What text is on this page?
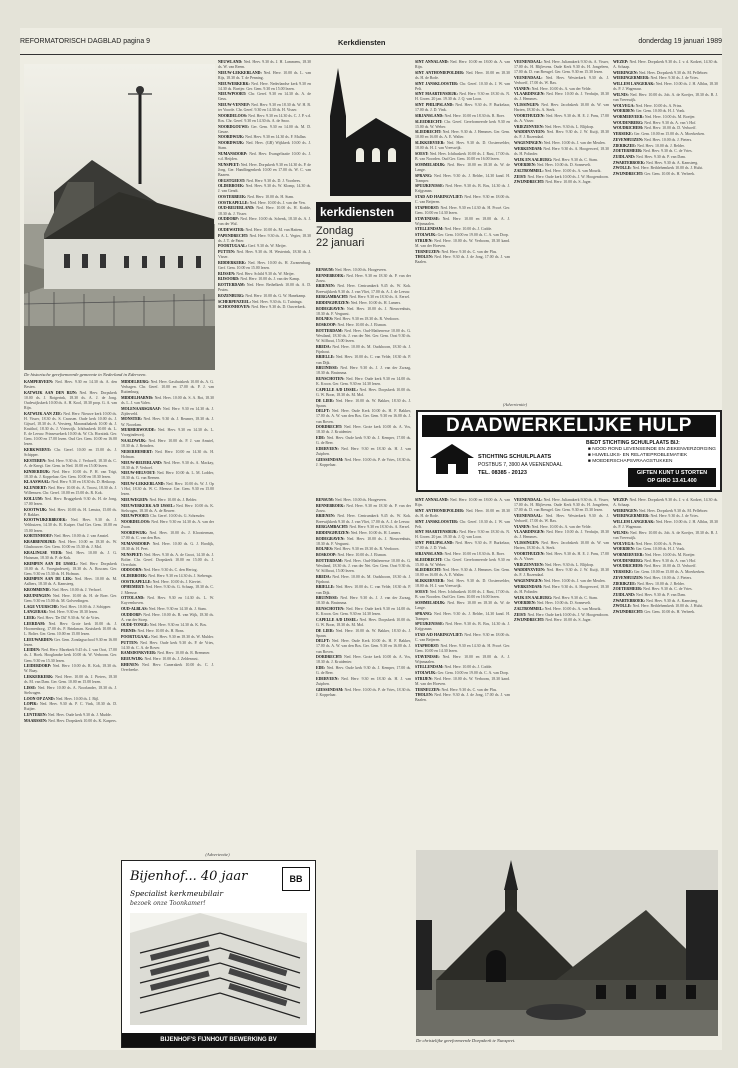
REFORMATORISCH DAGBLAD pagina 9	Kerkdiensten	donderdag 19 januari 1989
De historische gereformeerde gemeente in Nederland in Ederveen.
kerkdiensten
Zondag
22 januari

KAMPERVEEN: Ned. Herv. 9.30 en 14.30 ds. A. den Besten.

KATWIJK AAN DEN RIJN: Ned. Herv. Dorpskerk 10.00 ds. J. Rotgerink, 18.30 ds. A. J. de Jong. Oudewijkskerk 10.00 ds. A. H. Kool, 18.30 prop. G. A. van Rijn.

KATWIJK AAN ZEE: Ned. Herv. Nieuwe kerk 10.00 ds. H. Visser, 18.30 ds. S. Cnossen. Oude kerk 10.00 ds. J. Gijssel, 18.30 ds. A. Versteeg. Maranathakerk 10.00 ds. J. Kruithof, 18.30 ds. J. Vrieswijk. Ichthuskerk 10.00 ds. L. E. de Leeuw. Prinsessekerk 10.00 ds. W. Ch. Horstink. Ger. Gem. 10.00 en 17.00 lezen. Oud Ger. Gem. 10.00 en 16.00 lezen.

KERKWERVE: Chr. Geref. 10.00 en 15.00 ds. J. Schipper.

KESTEREN: Ned. Herv. 9.30 ds. J. Verhoeff, 18.30 ds. C. A. de Knegt. Ger. Gem. in Ned. 10.00 en 15.00 lezen.

KINDERDIJK: Ned. Herv. 10.00 ds. P. H. van Trigt, 18.30 ds. J. Koppelaar. Ger. Gem. 10.00 en 18.30 lezen.

KLAASWAAL: Ned. Herv. 9.30 en 18.30 ds. D. Heikoop.

KLUNDERT: Ned. Herv. 10.00 ds. A. Troost, 18.30 ds. J. Willemsen. Chr. Geref. 10.00 en 15.00 ds. R. Kok.

KOLLUM: Ned. Herv. Bruggekerk 9.30 ds. H. de Jong, 17.00 lezen.

KOOTWIJK: Ned. Herv. 10.00 ds. H. Lenstra, 15.00 ds. P. Bakker.

KOOTWIJKERBROEK: Ned. Herv. 9.30 ds. J. Velthuizen, 14.30 ds. R. Kuiper. Oud Ger. Gem. 10.00 en 15.00 lezen.

KORTENHOEF: Ned. Herv. 10.00 ds. J. van Amstel.

KRABBENDIJKE: Ned. Herv. 10.00 en 18.30 ds. W. Glashouwer. Ger. Gem. 10.00 en 15.30 ds. J. Mol.

KRALINGSE VEER: Ned. Herv. 10.00 ds. J. G. Huisman, 18.30 ds. P. de Kok.

KRIMPEN AAN DE IJSSEL: Ned. Herv. Dorpskerk 10.00 ds. A. Vroegindeweij, 18.30 ds. A. Roscam. Ger. Gem. 9.30 en 15.30 ds. H. Hofman.

KRIMPEN AAN DE LEK: Ned. Herv. 10.00 ds. M. Aalbers, 18.30 ds. A. Kamsteeg.

KROMMENIE: Ned. Herv. 10.00 ds. J. Verhoef.

KRUININGEN: Ned. Herv. 10.00 ds. H. de Boer. Ger. Gem. 9.30 en 15.00 ds. M. Golverdingen.

LAGE VUURSCHE: Ned. Herv. 10.00 ds. J. Schipper.

LANGERAK: Ned. Herv. 9.30 en 18.30 lezen.

LEEK: Ned. Herv. 'De Dil' 9.30 ds. W. de Vries.

LEERDAM: Ned. Herv. Grote kerk 10.00 ds. J. Hoornenborg, 17.00 ds. P. Brinkman. Kruiskerk 10.00 ds. L. Bolier. Ger. Gem. 10.00 en 15.00 lezen.

LEEUWARDEN: Ger. Gem. Zondagsschool 9.30 en 16.00 lezen.

LEIDEN: Ned. Herv. Marekerk 9.45 ds. J. van Oort, 17.00 ds. J. Hoek. Hooglandse kerk 10.00 ds. W. Verboom. Ger. Gem. 9.30 en 15.30 lezen.

LEIDERDORP: Ned. Herv. 10.00 ds. R. Kok, 18.30 ds. W. Baay.

LEKKERKERK: Ned. Herv. 10.00 ds. J. Pieters, 18.30 ds. M. van Dam. Ger. Gem. 10.00 en 15.00 lezen.

LISSE: Ned. Herv. 10.00 ds. A. Noorlander, 18.30 ds. J. Stelwagen.

LOON OP ZAND: Ned. Herv. 10.00 ds. J. Bijl.

LOPIK: Ned. Herv. 9.30 ds. P. C. Vink, 18.30 ds. D. Ruijter.

LUNTEREN: Ned. Herv. Oude kerk 9.30 ds. J. Mudde.

MAARSSEN: Ned. Herv. Dorpskerk 10.00 ds. K. Kaspers.

MIDDELBURG: Ned. Herv. Gasthuiskerk 10.00 ds. A. G. Verhagen. Chr. Geref. 10.00 en 17.00 ds. P. J. van Ruitenburg.

MIDDELHARNIS: Ned. Herv. 10.00 ds. S. A. Bot, 18.30 ds. L. J. van Valen.

MOLENAARSGRAAF: Ned. Herv. 9.30 en 14.30 ds. J. Zijderveld.

MONSTER: Ned. Herv. 9.30 ds. J. Beumer, 18.30 ds. J. W. Noordam.

MURMERWOUDE: Ned. Herv. 9.30 en 14.30 ds. L. Vroegindeweij.

NAALDWIJK: Ned. Herv. 10.00 ds. P. J. van Amstel, 18.30 ds. J. Reinders.

NEDERHEMERT: Ned. Herv. 10.00 en 14.30 ds. H. Hofman.

NIEUW-BEIJERLAND: Ned. Herv. 9.30 ds. A. Mackay, 18.30 ds. P. Verhoef.

NIEUW-HELVOET: Ned. Herv. 10.00 ds. L. M. Lodder, 18.30 ds. G. van Reenen.

NIEUW-LEKKERLAND: Ned. Herv. 10.00 ds. W. J. Op 't Hof, 18.30 ds. W. C. Meeuse. Ger. Gem. 9.30 en 15.00 lezen.

NIEUWEGEIN: Ned. Herv. 10.00 ds. J. Belder.

NIEUWERKERK A/D IJSSEL: Ned. Herv. 10.00 ds. K. Stelwagen, 18.30 ds. A. de Reuver.

NIEUWPOORT: Chr. Geref. 10.00 ds. G. Schreuder.

NOORDELOOS: Ned. Herv. 9.30 en 14.30 ds. A. van der Zwan.

NOORDWIJK: Ned. Herv. 10.00 ds. J. Kloosterman, 17.00 ds. C. van den Bos.

NUMANSDORP: Ned. Herv. 10.00 ds. G. J. Hordijk, 18.30 ds. H. Peet.

NUNSPEET: Ned. Herv. 9.30 ds. A. de Groot, 14.30 ds. J. Bolier. Chr. Geref. Dorpskerk 10.00 en 15.00 ds. J. Overduin.

ODDOORN: Ned. Herv. 9.30 ds. C. den Hertog.

OLDEBROEK: Ned. Herv. 9.30 en 14.30 ds. J. Siebenga.

OOSTKAPELLE: Ned. Herv. 10.00 ds. J. Kieviet.

OPHEMERT: Ned. Herv. 9.30 ds. G. Schaap, 18.30 ds. C. J. Meeuse.

OTTOLAND: Ned. Herv. 9.30 en 14.30 ds. L. W. Kuyvenhoven.

OUD-ALBLAS: Ned. Herv. 9.30 en 14.30 ds. J. Stam.

OUDDORP: Ned. Herv. 10.00 ds. B. van Wijk, 18.30 ds. A. van der Stoep.

OUDE-TONGE: Ned. Herv. 9.30 en 14.30 ds. K. Bos.

PERNIS: Ned. Herv. 10.00 ds. H. Bons.

POORTUGAAL: Ned. Herv. 9.30 en 18.30 ds. W. Mulder.

PUTTEN: Ned. Herv. Oude kerk 9.30 ds. P. de Vries, 14.30 ds. C. A. de Rover.

RAMSDONKVEER: Ned. Herv. 10.00 ds. R. Bremmer.

REEUWIJK: Ned. Herv. 10.00 ds. J. Zeldenrust.

RHENEN: Ned. Herv. Cunerakerk 10.00 ds. C. J. Overbeeke.

NEUWLAND: Ned. Herv. 9.30 ds. J. H. Lammens, 18.30 ds. W. van Reem.

NIEUW-LEKKERLAND: Ned. Herv. 10.00 ds. L. van Rijs, 18.30 ds. T. de Penning.

NIEUWERKERK: Ned. Herv. Nederlandse kerk 9.30 en 14.30 ds. Boeijer. Ger. Gem. 9.30 en 15.00 lezen.

NIEUWPOORT: Chr. Geref. 9.30 en 14.30 ds. A. de Geus.

NIEUW-VENNEP: Ned. Herv. 9.30 en 18.30 ds. W. H. B. ter Voorde. Chr. Geref. 9.30 en 14.30 ds. H. Visser.

NOORDELOOS: Ned. Herv. 9.30 en 14.30 ds. C. J. P. v.d. Ros. Chr. Geref. 9.30 en 14.30 ds. A. de Snoo.

NOORDGOUWE: Ger. Gem. 9.30 en 14.00 ds. M. D. Geuze.

NOORDWIJK: Ned. Herv. 9.30 en 14.30 ds. F. Mallan.

NOORDWIJK: Ned. Herv. (GB) Wijkkerk 10.00 ds. J. Stam.

NUMANSDORP: Ned. Herv. Evangelisatie 10.00 ds. J. v.d. Heijden.

NUNSPEET: Ned. Herv. Dorpskerk 9.30 en 14.30 ds. P. de Jong. Ger. Handlingenkerk 10.00 en 17.00 ds. W. C. van Baaren.

OEGSTGEEST: Ned. Herv. 9.30 ds. D. J. Voorhees.

OLDEBROEK: Ned. Herv. 9.30 ds. W. Klomp, 14.30 ds. J. van Gendt.

OOSTERBEEK: Ned. Herv. 10.00 ds. H. Stam.

OOSTKAPELLE: Ned. Herv. 10.00 ds. J. van der Ven.

OUD-BEIJERLAND: Ned. Herv. 10.00 ds. H. Kodde, 18.30 ds. J. Visser.

OUDDORP: Ned. Herv. 10.00 ds. Schenk, 18.30 ds. A. J. van der Wal.

OUDEWATER: Ned. Herv. 10.00 ds. M. van Hattem.

PAPENDRECHT: Ned. Herv. 9.30 ds. A. L. Vegter, 18.30 ds. J. T. de Pater.

POORTUGAAL: Gerf. 9.30 ds. W. Meijer.

PUTTEN: Ned. Herv. 9.30 ds. H. Westerink, 18.30 ds. J. Visser.

RIDDERKERK: Ned. Herv. 10.00 ds. H. Zwanenburg. Gerf. Gem. 10.00 en 15.00 lezen.

RIJSSEN: Ned. Herv. Schild 9.30 ds. W. Meijer.

RIJSOORD: Ned. Herv. 10.00 ds. J. van der Kamp.

ROTTERDAM: Ned. Herv. Bethelkerk 10.00 ds. A. D. Pruim.

ROZENBURG: Ned. Herv. 10.00 ds. G. W. Hanekamp.

SCHERPENZEEL: Ned. Herv. 9.30 ds. G. Tuininga.

SCHOONHOVEN: Ned. Herv. 9.30 ds. D. Ouwerkerk.

BENSUM: Ned. Herv. 10.00 ds. Hoogeveen.

BENNEBROEK: Ned. Herv. 9.30 en 18.30 ds. P. van der Zouw.

BRIENEN: Ned. Herv. Centrumkerk 9.45 ds. W. Kok. Breewijkkerk 9.30 ds. J. van Vliet, 17.00 ds. A. J. de Leeuw.

BERGAMBACHT: Ned. Herv. 9.30 en 18.30 ds. A. Eersel.

BIDDINGHUIZEN: Ned. Herv. 10.00 ds. H. Lamers.

BODEGRAVEN: Ned. Herv. 10.00 ds. J. Nieuwenhuis, 18.30 ds. F. Vergunst.

BOLNES: Ned. Herv. 9.30 en 18.30 ds. R. Verdoorn.

BOSKOOP: Ned. Herv. 10.00 ds. J. Elsman.

BOTTERDAM: Ned. Herv. Oud-Mathenesse 10.00 ds. G. Westland, 18.30 ds. J. van der Net. Ger. Gem. Oost 9.30 ds. W. Silfhout, 15.00 lezen.

BREDA: Ned. Herv. 10.00 ds. M. Oudshoorn, 18.30 ds. J. Fijnhout.

BRIELLE: Ned. Herv. 10.00 ds. C. van Velde, 18.30 ds. P. van Dijk.

BRUINISSE: Ned. Herv. 9.30 ds. J. J. van der Zwaag, 18.30 ds. Bruinsma.

BUNSCHOTEN: Ned. Herv. Oude kerk 9.30 en 14.00 ds. K. Kroon. Ger. Gem. 9.30 en 14.30 lezen.

CAPELLE A/D IJSSEL: Ned. Herv. Dorpskerk 10.00 ds. G. W. Boon, 18.30 ds. M. Mol.

DE LIER: Ned. Herv. 10.00 ds. W. Bakker, 18.30 ds. J. Spaan.

DELFT: Ned. Herv. Oude Kerk 10.00 ds. H. F. Bakker, 17.00 ds. A. W. van den Bos. Ger. Gem. 9.30 en 16.00 ds. J. van Boven.

DORDRECHT: Ned. Herv. Grote kerk 10.00 ds. A. Vos, 18.30 ds. J. Kruidenier.

EDE: Ned. Herv. Oude kerk 9.30 ds. J. Kemper, 17.00 ds. G. de Beer.

EDERVEEN: Ned. Herv. 9.30 en 18.30 ds. H. J. van Zutphen.

GIESSENDAM: Ned. Herv. 10.00 ds. P. de Vries, 18.30 ds. J. Koppelaar.

SINT ANNALAND: Ned. Herv. 10.00 en 18.00 ds. A. van Rijn.

SINT ANTHONIEPOLDER: Ned. Herv. 10.00 en 18.30 ds. H. de Bode.

SINT JANSKLOOSTER: Chr. Geref. 10.30 ds. J. W. van Pelt.

SINT MAARTENSDIJK: Ned. Herv. 9.30 en 18.30 ds. N. H. Groen. 20 jan. 19.30 ds. J. Q. van Loon.

SINT PHILIPSLAND: Ned. Herv. 9.30 ds. P. Burkelaar, 17.00 ds. J. D. Vink.

SIRJANSLAND: Ned. Herv. 10.00 en 18.30 ds. R. Boer.

SLEEDRECHT: Chr. Geref. Gereformeerde kerk 9.30 en 15.00 ds. W. Weber.

SLIEDRECHT: Ned. Herv. 9.30 ds. J. Hemmes. Ger. Gem. 10.00 en 16.00 ds. A. E. Walter.

SLIKKERVEER: Ned. Herv. 9.30 ds. D. Oostenvelder, 18.00 ds. H. J. van Vreeswijk.

SOEST: Ned. Herv. Ichthuskerk 10.00 ds. J. Rust, 17.00 ds. B. van Noorden. Oud Ger. Gem. 10.00 en 16.00 lezen.

SOMMELSDIJK: Ned. Herv. 10.00 en 18.30 ds. W. de Lange.

SPRANG: Ned. Herv. 9.30 ds. J. Belder, 14.30 kand. H. Tramper.

SPUIJKENISSE: Ned. Herv. 9.30 ds. B. Bos, 14.30 ds. J. Krijgsman.

STAD A/D HARINGVLIET: Ned. Herv. 9.30 en 18.00 ds. C. van Beijeren.

STAPHORST: Ned. Herv. 9.30 en 14.30 ds. H. Procé. Ger. Gem. 10.00 en 14.30 lezen.

STAVENISSE: Ned. Herv. 10.00 en 18.00 ds. A. J. Wijnmaalen.

STELLENDAM: Ned. Herv. 10.00 ds. J. Codde.

STOLWIJK: Ger. Gem. 10.00 en 19.00 ds. C. A. van Dorp.

STRIJEN: Ned. Herv. 10.00 ds. W. Verboom, 18.30 kand. M. van der Hoeven.

TERNEUZEN: Ned. Herv. 9.30 ds. C. van der Plas.

THOLEN: Ned. Herv. 9.30 ds. J. de Jong, 17.00 ds. J. van Baalen.

VEENENDAAL: Ned. Herv. Julianakerk 9.30 ds. A. Visser, 17.00 ds. H. Blijlevens. Oude Kerk 9.30 ds. H. Jongeleen, 17.00 ds. D. van Breugel. Ger. Gem. 9.30 en 15.30 lezen.

VEENENDAAL: Ned. Herv. Westerkerk 9.30 ds. J. Verhoeff, 17.00 ds. W. Bax.

VIANEN: Ned. Herv. 10.00 ds. A. van der Velde.

VLAARDINGEN: Ned. Herv. 10.00 ds. J. Verduijn, 18.30 ds. J. Hemmes.

VLISSINGEN: Ned. Herv. Jacobskerk 10.00 ds. W. van Harten, 18.30 ds. A. Sterk.

VOORTHUIZEN: Ned. Herv. 9.30 ds. H. E. J. Pons, 17.00 ds. A. Visser.

VRIEZENVEEN: Ned. Herv. 9.30 ds. L. Blijdorp.

WADDINXVEEN: Ned. Herv. 9.30 ds. J. W. Kuijt, 18.30 ds. F. J. Rozendaal.

WAGENINGEN: Ned. Herv. 10.00 ds. J. van der Meulen.

WERKENDAM: Ned. Herv. 9.30 ds. A. Hoogerwerf, 18.30 ds. H. Polinder.

WIJK EN AALBURG: Ned. Herv. 9.30 ds. C. Stam.

WOERDEN: Ned. Herv. 10.00 ds. D. Sonnevelt.

ZALTBOMMEL: Ned. Herv. 10.00 ds. A. van Mourik.

ZEIST: Ned. Herv. Oude kerk 10.00 ds. J. W. Hoogendoorn.

ZWIJNDRECHT: Ned. Herv. 10.00 ds. S. Jager.

WEZEP: Ned. Herv. Dorpskerk 9.30 ds. J. v. d. Kodzet, 14.30 ds. A. Schaap.

WIERINGEN: Ned. Herv. Dorpskerk 9.30 ds. M. Pelleboer.

WIERINGERMEER: Ned. Herv. 9.30 ds. J. de Vries.

WILLEM LANGERAK: Ned. Herv. 10.00 ds. J. H. Alblas, 18.30 ds. P. J. Wagenaar.

WILNIS: Ned. Herv. 10.00 ds. Joh. A. de Koeijer, 18.30 ds. B. J. van Vreeswijk.

WOLVEGA: Ned. Herv. 10.00 ds. A. Prins.

WOERDEN: Ger. Gem. 10.00 ds. H. J. Vonk.

WORMERVEER: Ned. Herv. 10.00 ds. M. Boeijer.

WOUDENBERG: Ned. Herv. 9.30 ds. A. van 't Hof.

WOUDRICHEM: Ned. Herv. 10.00 ds. D. Verhoeff.

YERSEKE: Ger. Gem. 10.00 en 15.00 ds. A. Moerkerken.

ZEVENHUIZEN: Ned. Herv. 10.00 ds. J. Pieters.

ZIERIKZEE: Ned. Herv. 10.00 ds. J. Belder.

ZOETERMEER: Ned. Herv. 9.30 ds. C. de Vries.

ZUIDLAND: Ned. Herv. 9.30 ds. P. van Dam.

ZWARTEBROEK: Ned. Herv. 9.30 ds. A. Kamsteeg.

ZWOLLE: Ned. Herv. Bethlehemkerk 10.00 ds. J. Hulst.

ZWIJNDRECHT: Ger. Gem. 10.00 ds. H. Verbeek.

BENSUM: Ned. Herv. 10.00 ds. Hoogeveen.

BENNEBROEK: Ned. Herv. 9.30 en 18.30 ds. P. van der Zouw.

BRIENEN: Ned. Herv. Centrumkerk 9.45 ds. W. Kok. Breewijkkerk 9.30 ds. J. van Vliet, 17.00 ds. A. J. de Leeuw.

BERGAMBACHT: Ned. Herv. 9.30 en 18.30 ds. A. Eersel.

BIDDINGHUIZEN: Ned. Herv. 10.00 ds. H. Lamers.

BODEGRAVEN: Ned. Herv. 10.00 ds. J. Nieuwenhuis, 18.30 ds. F. Vergunst.

BOLNES: Ned. Herv. 9.30 en 18.30 ds. R. Verdoorn.

BOSKOOP: Ned. Herv. 10.00 ds. J. Elsman.

BOTTERDAM: Ned. Herv. Oud-Mathenesse 10.00 ds. G. Westland, 18.30 ds. J. van der Net. Ger. Gem. Oost 9.30 ds. W. Silfhout, 15.00 lezen.

BREDA: Ned. Herv. 10.00 ds. M. Oudshoorn, 18.30 ds. J. Fijnhout.

BRIELLE: Ned. Herv. 10.00 ds. C. van Velde, 18.30 ds. P. van Dijk.

BRUINISSE: Ned. Herv. 9.30 ds. J. J. van der Zwaag, 18.30 ds. Bruinsma.

BUNSCHOTEN: Ned. Herv. Oude kerk 9.30 en 14.00 ds. K. Kroon. Ger. Gem. 9.30 en 14.30 lezen.

CAPELLE A/D IJSSEL: Ned. Herv. Dorpskerk 10.00 ds. G. W. Boon, 18.30 ds. M. Mol.

DE LIER: Ned. Herv. 10.00 ds. W. Bakker, 18.30 ds. J. Spaan.

DELFT: Ned. Herv. Oude Kerk 10.00 ds. H. F. Bakker, 17.00 ds. A. W. van den Bos. Ger. Gem. 9.30 en 16.00 ds. J. van Boven.

DORDRECHT: Ned. Herv. Grote kerk 10.00 ds. A. Vos, 18.30 ds. J. Kruidenier.

EDE: Ned. Herv. Oude kerk 9.30 ds. J. Kemper, 17.00 ds. G. de Beer.

EDERVEEN: Ned. Herv. 9.30 en 18.30 ds. H. J. van Zutphen.

GIESSENDAM: Ned. Herv. 10.00 ds. P. de Vries, 18.30 ds. J. Koppelaar.

SINT ANNALAND: Ned. Herv. 10.00 en 18.00 ds. A. van Rijn.

SINT ANTHONIEPOLDER: Ned. Herv. 10.00 en 18.30 ds. H. de Bode.

SINT JANSKLOOSTER: Chr. Geref. 10.30 ds. J. W. van Pelt.

SINT MAARTENSDIJK: Ned. Herv. 9.30 en 18.30 ds. N. H. Groen. 20 jan. 19.30 ds. J. Q. van Loon.

SINT PHILIPSLAND: Ned. Herv. 9.30 ds. P. Burkelaar, 17.00 ds. J. D. Vink.

SIRJANSLAND: Ned. Herv. 10.00 en 18.30 ds. R. Boer.

SLEEDRECHT: Chr. Geref. Gereformeerde kerk 9.30 en 15.00 ds. W. Weber.

SLIEDRECHT: Ned. Herv. 9.30 ds. J. Hemmes. Ger. Gem. 10.00 en 16.00 ds. A. E. Walter.

SLIKKERVEER: Ned. Herv. 9.30 ds. D. Oostenvelder, 18.00 ds. H. J. van Vreeswijk.

SOEST: Ned. Herv. Ichthuskerk 10.00 ds. J. Rust, 17.00 ds. B. van Noorden. Oud Ger. Gem. 10.00 en 16.00 lezen.

SOMMELSDIJK: Ned. Herv. 10.00 en 18.30 ds. W. de Lange.

SPRANG: Ned. Herv. 9.30 ds. J. Belder, 14.30 kand. H. Tramper.

SPUIJKENISSE: Ned. Herv. 9.30 ds. B. Bos, 14.30 ds. J. Krijgsman.

STAD A/D HARINGVLIET: Ned. Herv. 9.30 en 18.00 ds. C. van Beijeren.

STAPHORST: Ned. Herv. 9.30 en 14.30 ds. H. Procé. Ger. Gem. 10.00 en 14.30 lezen.

STAVENISSE: Ned. Herv. 10.00 en 18.00 ds. A. J. Wijnmaalen.

STELLENDAM: Ned. Herv. 10.00 ds. J. Codde.

STOLWIJK: Ger. Gem. 10.00 en 19.00 ds. C. A. van Dorp.

STRIJEN: Ned. Herv. 10.00 ds. W. Verboom, 18.30 kand. M. van der Hoeven.

TERNEUZEN: Ned. Herv. 9.30 ds. C. van der Plas.

THOLEN: Ned. Herv. 9.30 ds. J. de Jong, 17.00 ds. J. van Baalen.

VEENENDAAL: Ned. Herv. Julianakerk 9.30 ds. A. Visser, 17.00 ds. H. Blijlevens. Oude Kerk 9.30 ds. H. Jongeleen, 17.00 ds. D. van Breugel. Ger. Gem. 9.30 en 15.30 lezen.

VEENENDAAL: Ned. Herv. Westerkerk 9.30 ds. J. Verhoeff, 17.00 ds. W. Bax.

VIANEN: Ned. Herv. 10.00 ds. A. van der Velde.

VLAARDINGEN: Ned. Herv. 10.00 ds. J. Verduijn, 18.30 ds. J. Hemmes.

VLISSINGEN: Ned. Herv. Jacobskerk 10.00 ds. W. van Harten, 18.30 ds. A. Sterk.

VOORTHUIZEN: Ned. Herv. 9.30 ds. H. E. J. Pons, 17.00 ds. A. Visser.

VRIEZENVEEN: Ned. Herv. 9.30 ds. L. Blijdorp.

WADDINXVEEN: Ned. Herv. 9.30 ds. J. W. Kuijt, 18.30 ds. F. J. Rozendaal.

WAGENINGEN: Ned. Herv. 10.00 ds. J. van der Meulen.

WERKENDAM: Ned. Herv. 9.30 ds. A. Hoogerwerf, 18.30 ds. H. Polinder.

WIJK EN AALBURG: Ned. Herv. 9.30 ds. C. Stam.

WOERDEN: Ned. Herv. 10.00 ds. D. Sonnevelt.

ZALTBOMMEL: Ned. Herv. 10.00 ds. A. van Mourik.

ZEIST: Ned. Herv. Oude kerk 10.00 ds. J. W. Hoogendoorn.

ZWIJNDRECHT: Ned. Herv. 10.00 ds. S. Jager.

WEZEP: Ned. Herv. Dorpskerk 9.30 ds. J. v. d. Kodzet, 14.30 ds. A. Schaap.

WIERINGEN: Ned. Herv. Dorpskerk 9.30 ds. M. Pelleboer.

WIERINGERMEER: Ned. Herv. 9.30 ds. J. de Vries.

WILLEM LANGERAK: Ned. Herv. 10.00 ds. J. H. Alblas, 18.30 ds. P. J. Wagenaar.

WILNIS: Ned. Herv. 10.00 ds. Joh. A. de Koeijer, 18.30 ds. B. J. van Vreeswijk.

WOLVEGA: Ned. Herv. 10.00 ds. A. Prins.

WOERDEN: Ger. Gem. 10.00 ds. H. J. Vonk.

WORMERVEER: Ned. Herv. 10.00 ds. M. Boeijer.

WOUDENBERG: Ned. Herv. 9.30 ds. A. van 't Hof.

WOUDRICHEM: Ned. Herv. 10.00 ds. D. Verhoeff.

YERSEKE: Ger. Gem. 10.00 en 15.00 ds. A. Moerkerken.

ZEVENHUIZEN: Ned. Herv. 10.00 ds. J. Pieters.

ZIERIKZEE: Ned. Herv. 10.00 ds. J. Belder.

ZOETERMEER: Ned. Herv. 9.30 ds. C. de Vries.

ZUIDLAND: Ned. Herv. 9.30 ds. P. van Dam.

ZWARTEBROEK: Ned. Herv. 9.30 ds. A. Kamsteeg.

ZWOLLE: Ned. Herv. Bethlehemkerk 10.00 ds. J. Hulst.

ZWIJNDRECHT: Ger. Gem. 10.00 ds. H. Verbeek.

(Advertentie)
DAADWERKELIJKE HULP
STICHTING SCHUILPLAATS
POSTBUS 7, 3900 AA VEENENDAAL
TEL. 08385 - 20123
BIEDT STICHTING SCHUILPLAATS BIJ:
■ NOOD ROND LEVENSEINDE EN ZIEKENVERZORGING
■ HUWELIJKS- EN RELATIEPROBLEMATIEK
■ MOEDERSCHAPSVRAAGSTUKKEN
GIFTEN KUNT U STORTEN
OP GIRO 13.41.400
(Advertentie)
Bijenhof... 40 jaar
Specialist kerkmeubilair
bezoek onze Toonkamer!
BB
BIJENHOF'S FIJNHOUT BEWERKING BV	De christelijke gereformeerde Dorpskerk te Nunspeet.
